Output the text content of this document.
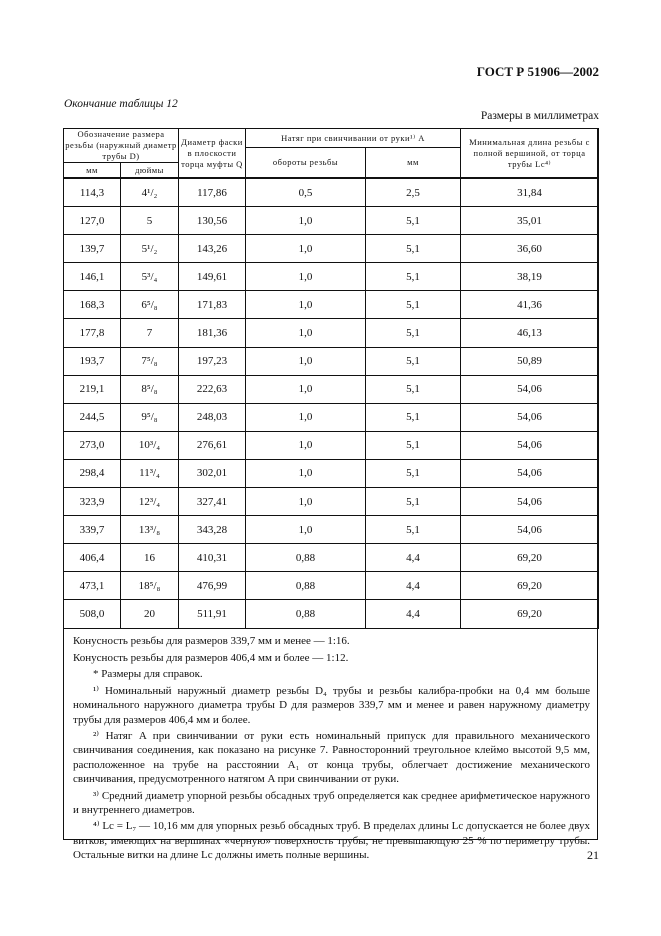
ГОСТ Р 51906—2002
Окончание таблицы 12
Размеры в миллиметрах
Обозначение размера резьбы (наружный диаметр трубы D)		Диаметр фаски в плоскости торца муфты Q	Натяг при свинчивании от руки¹⁾ A		Минимальная длина резьбы с полной вершиной, от торца трубы Lc⁴⁾
			обороты резьбы	мм	
мм	дюймы				
114,3	4¹/₂	117,86	0,5	2,5	31,84
127,0	5	130,56	1,0	5,1	35,01
139,7	5¹/₂	143,26	1,0	5,1	36,60
146,1	5³/₄	149,61	1,0	5,1	38,19
168,3	6⁵/₈	171,83	1,0	5,1	41,36
177,8	7	181,36	1,0	5,1	46,13
193,7	7⁵/₈	197,23	1,0	5,1	50,89
219,1	8⁵/₈	222,63	1,0	5,1	54,06
244,5	9⁵/₈	248,03	1,0	5,1	54,06
273,0	10³/₄	276,61	1,0	5,1	54,06
298,4	11³/₄	302,01	1,0	5,1	54,06
323,9	12³/₄	327,41	1,0	5,1	54,06
339,7	13³/₈	343,28	1,0	5,1	54,06
406,4	16	410,31	0,88	4,4	69,20
473,1	18⁵/₈	476,99	0,88	4,4	69,20
508,0	20	511,91	0,88	4,4	69,20

Конусность резьбы для размеров 339,7 мм и менее — 1:16.

Конусность резьбы для размеров 406,4 мм и более — 1:12.

* Размеры для справок.

¹⁾ Номинальный наружный диаметр резьбы D₄ трубы и резьбы калибра-пробки на 0,4 мм больше номинального наружного диаметра трубы D для размеров 339,7 мм и менее и равен наружному диаметру трубы для размеров 406,4 мм и более.

²⁾ Натяг A при свинчивании от руки есть номинальный припуск для правильного механического свинчивания соединения, как показано на рисунке 7. Равносторонний треугольное клеймо высотой 9,5 мм, расположенное на трубе на расстоянии A₁ от конца трубы, облегчает достижение механического свинчивания, предусмотренного натягом A при свинчивании от руки.

³⁾ Средний диаметр упорной резьбы обсадных труб определяется как среднее арифметическое наружного и внутреннего диаметров.

⁴⁾ Lc = L₇ — 10,16 мм для упорных резьб обсадных труб. В пределах длины Lc допускается не более двух витков, имеющих на вершинах «черную» поверхность трубы, не превышающую 25 % по периметру трубы. Остальные витки на длине Lc должны иметь полные вершины.	21
